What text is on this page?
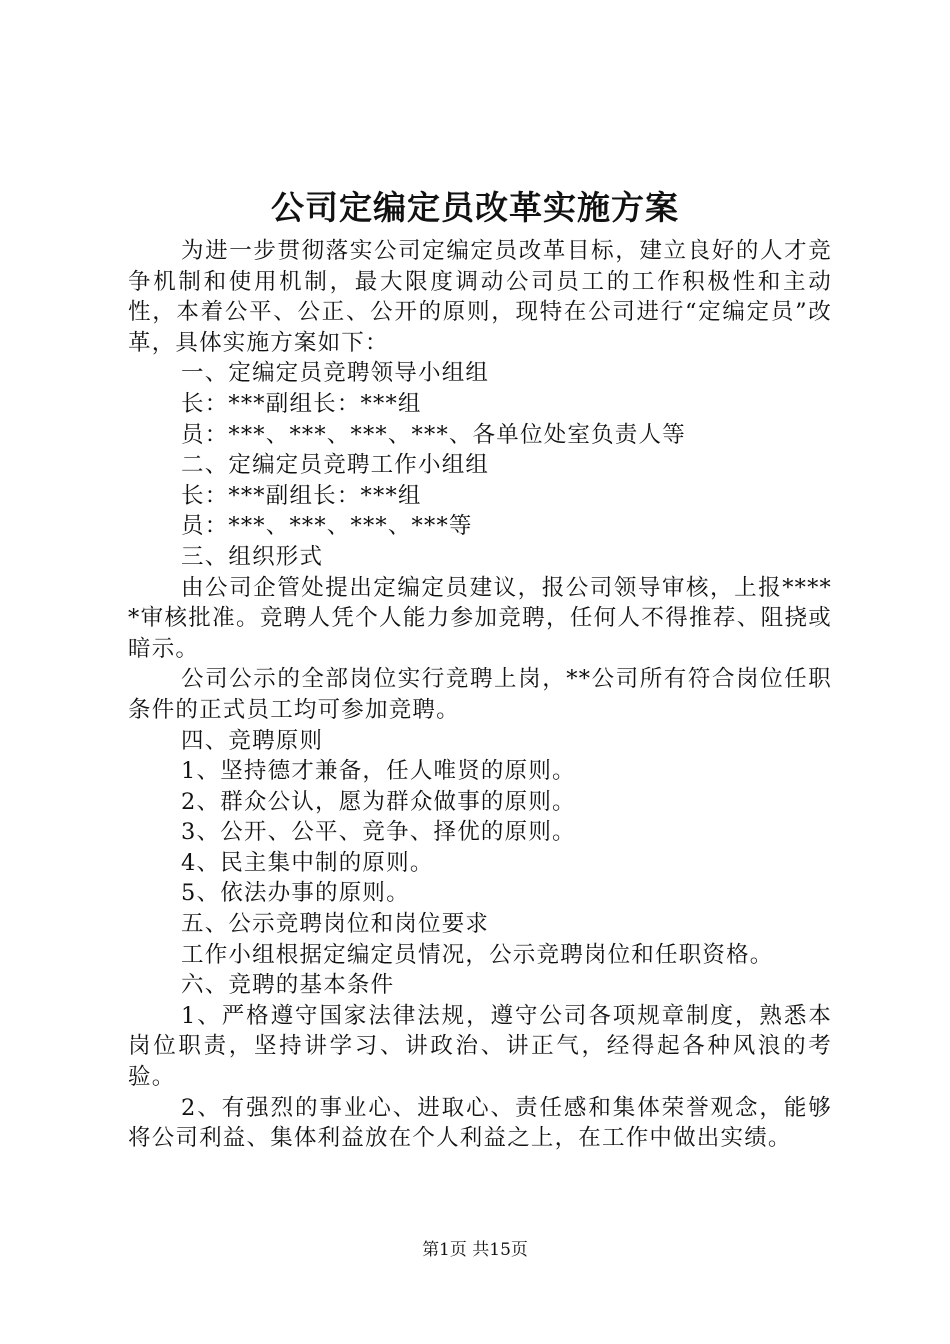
公司定编定员改革实施方案

为进一步贯彻落实公司定编定员改革目标，建立良好的人才竞争机制和使用机制，最大限度调动公司员工的工作积极性和主动性，本着公平、公正、公开的原则，现特在公司进行“定编定员”改革，具体实施方案如下：

一、定编定员竞聘领导小组组

长：***副组长：***组

员：***、***、***、***、各单位处室负责人等

二、定编定员竞聘工作小组组

长：***副组长：***组

员：***、***、***、***等

三、组织形式

由公司企管处提出定编定员建议，报公司领导审核，上报*****审核批准。竞聘人凭个人能力参加竞聘，任何人不得推荐、阻挠或暗示。

公司公示的全部岗位实行竞聘上岗，**公司所有符合岗位任职条件的正式员工均可参加竞聘。

四、竞聘原则

1、坚持德才兼备，任人唯贤的原则。

2、群众公认，愿为群众做事的原则。

3、公开、公平、竞争、择优的原则。

4、民主集中制的原则。

5、依法办事的原则。

五、公示竞聘岗位和岗位要求

工作小组根据定编定员情况，公示竞聘岗位和任职资格。

六、竞聘的基本条件

1、严格遵守国家法律法规，遵守公司各项规章制度，熟悉本岗位职责，坚持讲学习、讲政治、讲正气，经得起各种风浪的考验。

2、有强烈的事业心、进取心、责任感和集体荣誉观念，能够将公司利益、集体利益放在个人利益之上，在工作中做出实绩。

第1页 共15页
